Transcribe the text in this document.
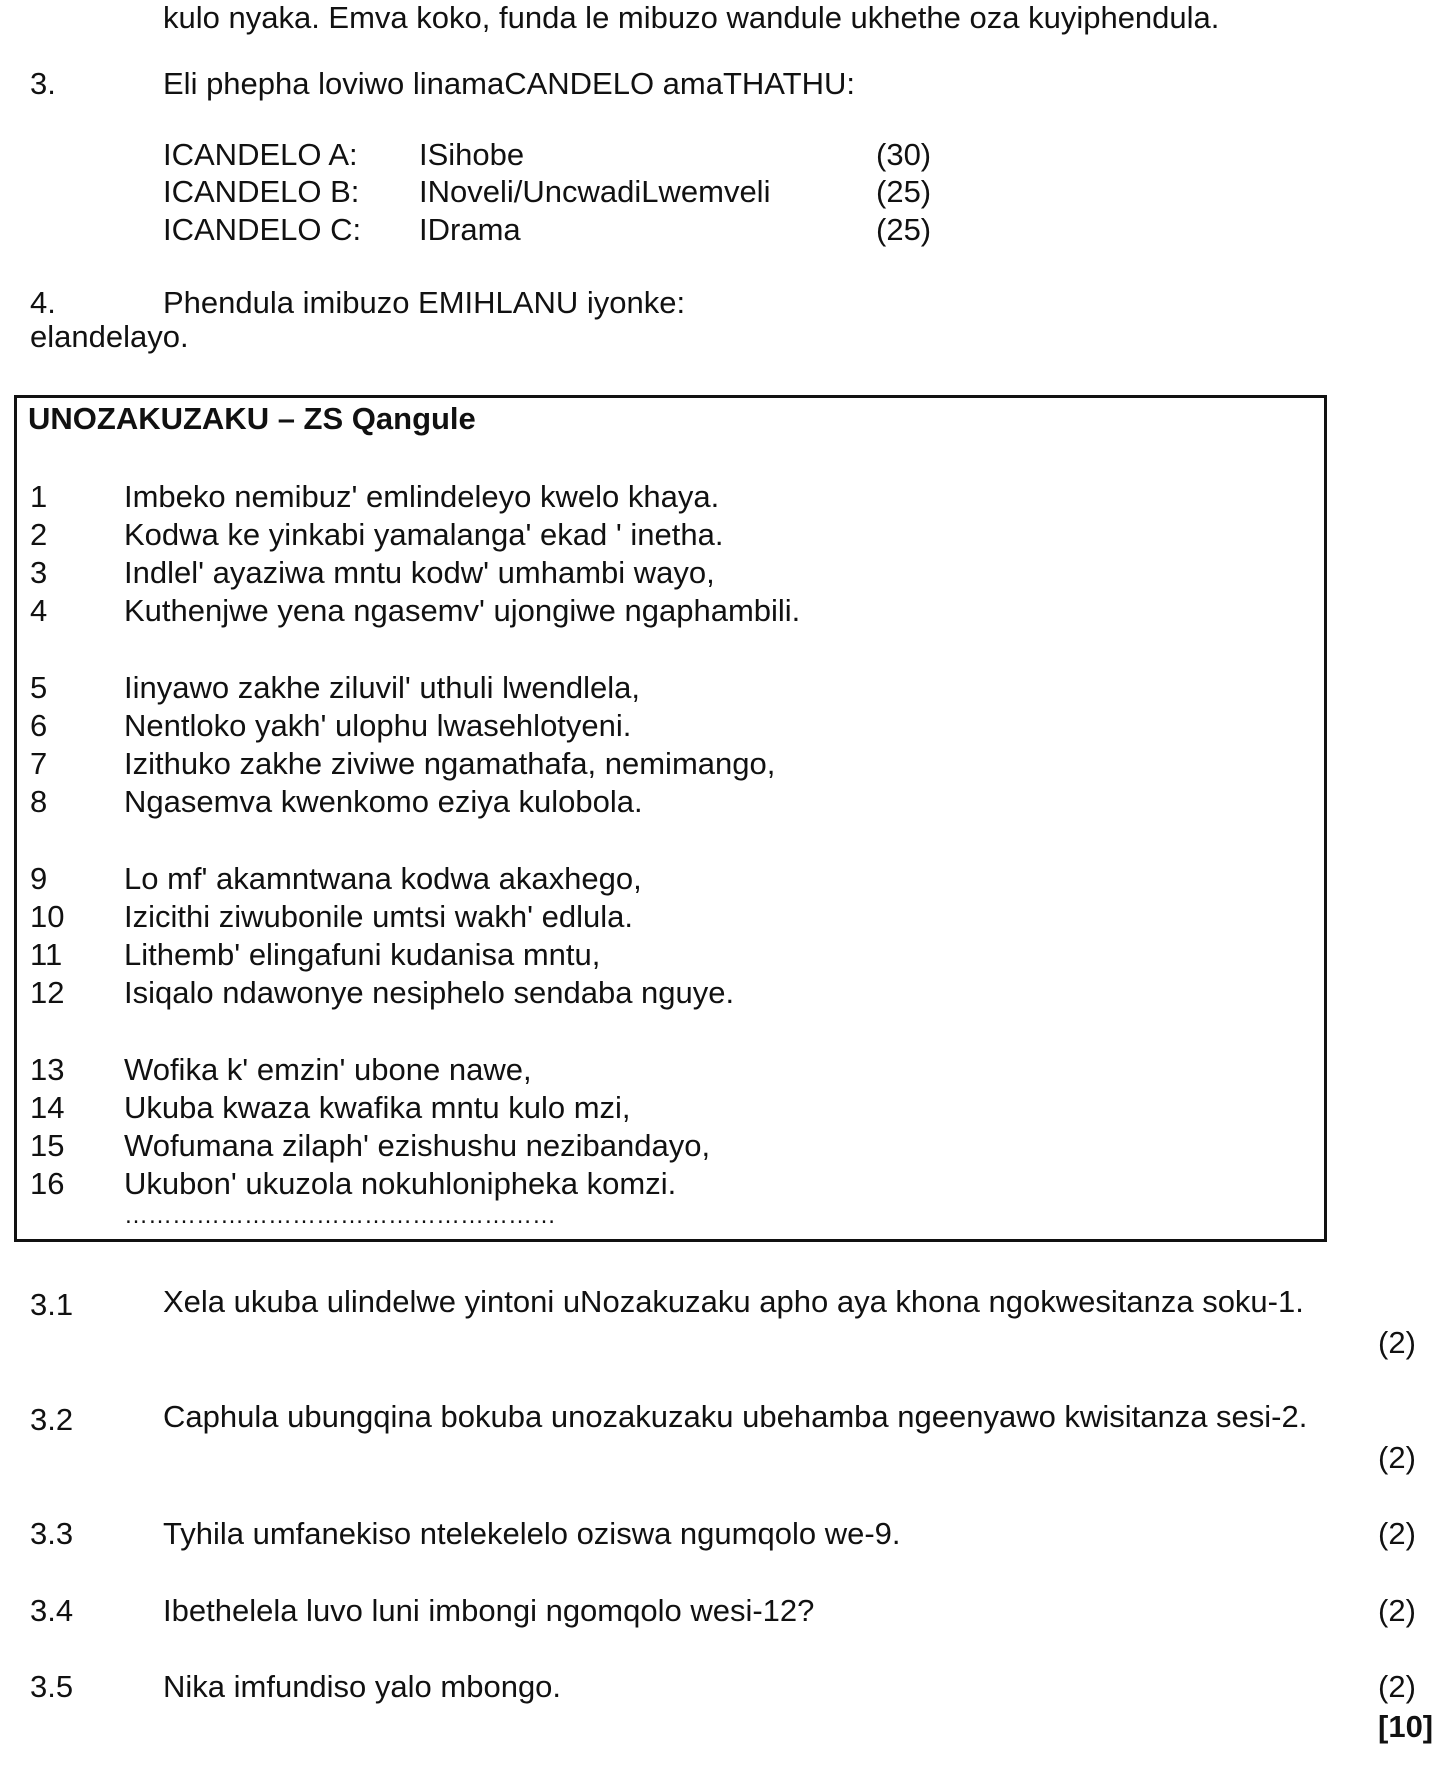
kulo nyaka. Emva koko, funda le mibuzo wandule ukhethe oza kuyiphendula.
3.	Eli phepha loviwo linamaCANDELO amaTHATHU:
ICANDELO A: ISihobe	(30)
ICANDELO B: INoveli/UncwadiLwemveli	(25)
ICANDELO C: IDrama	(25)
4.	Phendula imibuzo EMIHLANU iyonke:
elandelayo.
UNOZAKUZAKU – ZS Qangule
1 Imbeko nemibuz' emlindeleyo kwelo khaya.
2 Kodwa ke yinkabi yamalanga' ekad ' inetha.
3 Indlel' ayaziwa mntu kodw' umhambi wayo,
4 Kuthenjwe yena ngasemv' ujongiwe ngaphambili.
5 Iinyawo zakhe ziluvil' uthuli lwendlela,
6 Nentloko yakh' ulophu lwasehlotyeni.
7 Izithuko zakhe ziviwe ngamathafa, nemimango,
8 Ngasemva kwenkomo eziya kulobola.
9 Lo mf' akamntwana kodwa akaxhego,
10 Izicithi ziwubonile umtsi wakh' edlula.
11 Lithemb' elingafuni kudanisa mntu,
12 Isiqalo ndawonye nesiphelo sendaba nguye.
13 Wofika k' emzin' ubone nawe,
14 Ukuba kwaza kwafika mntu kulo mzi,
15 Wofumana zilaph' ezishushu nezibandayo,
16 Ukubon' ukuzola nokuhlonipheka komzi.
………………………………………………
3.1	Xela ukuba ulindelwe yintoni uNozakuzaku apho aya khona ngokwesitanza soku-1.
(2)
3.2	Caphula ubungqina bokuba unozakuzaku ubehamba ngeenyawo kwisitanza sesi-2.
(2)
3.3	Tyhila umfanekiso ntelekelelo oziswa ngumqolo we-9.	(2)
3.4	Ibethelela luvo luni imbongi ngomqolo wesi-12?	(2)
3.5	Nika imfundiso yalo mbongo.	(2)
[10]
